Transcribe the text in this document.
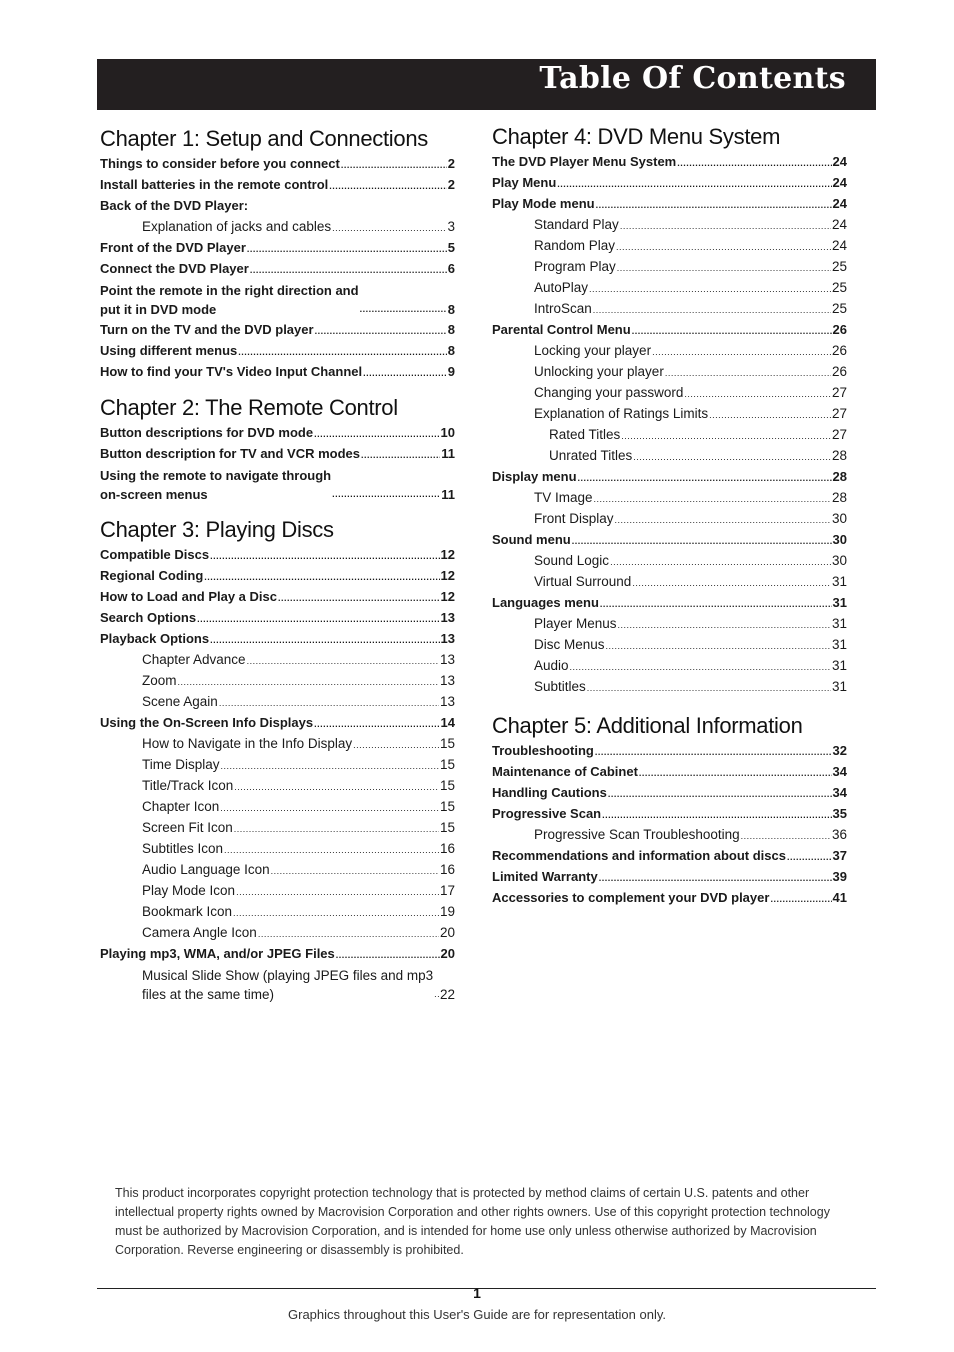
Table Of Contents
Chapter 1: Setup and Connections
Things to consider before you connect .....	2
Install batteries in the remote control .....	2
Back of the DVD Player:
Explanation of jacks and cables .....	3
Front of the DVD Player .....	5
Connect the DVD Player .....	6
Point the remote in the right direction and
put it in DVD mode .....	8
Turn on the TV and the DVD player .....	8
Using different menus .....	8
How to find your TV's Video Input Channel .....	9
Chapter 2: The Remote Control
Button descriptions for DVD mode .....	10
Button description for TV and VCR modes .....	11
Using the remote to navigate through
on-screen menus .....	11
Chapter 3: Playing Discs
Compatible Discs .....	12
Regional Coding .....	12
How to Load and Play a Disc .....	12
Search Options .....	13
Playback Options .....	13
Chapter Advance .....	13
Zoom .....	13
Scene Again .....	13
Using the On-Screen Info Displays .....	14
How to Navigate in the Info Display .....	15
Time Display .....	15
Title/Track Icon .....	15
Chapter Icon .....	15
Screen Fit Icon .....	15
Subtitles Icon .....	16
Audio Language Icon .....	16
Play Mode Icon .....	17
Bookmark Icon .....	19
Camera Angle Icon .....	20
Playing mp3, WMA, and/or JPEG Files .....	20
Musical Slide Show (playing JPEG files and mp3
files at the same time) .....	22
Chapter 4: DVD Menu System
The DVD Player Menu System .....	24
Play Menu .....	24
Play Mode menu .....	24
Standard Play .....	24
Random Play .....	24
Program Play .....	25
AutoPlay .....	25
IntroScan .....	25
Parental Control Menu .....	26
Locking your player .....	26
Unlocking your player .....	26
Changing your password .....	27
Explanation of Ratings Limits .....	27
Rated Titles .....	27
Unrated Titles .....	28
Display menu .....	28
TV Image .....	28
Front Display .....	30
Sound menu .....	30
Sound Logic .....	30
Virtual Surround .....	31
Languages menu .....	31
Player Menus .....	31
Disc Menus .....	31
Audio .....	31
Subtitles .....	31
Chapter 5: Additional Information
Troubleshooting .....	32
Maintenance of Cabinet .....	34
Handling Cautions .....	34
Progressive Scan .....	35
Progressive Scan Troubleshooting .....	36
Recommendations and information about discs .....	37
Limited Warranty .....	39
Accessories to complement your DVD player .....	41
This product incorporates copyright protection technology that is protected by method claims of certain U.S. patents and other intellectual property rights owned by Macrovision Corporation and other rights owners. Use of this copyright protection technology must be authorized by Macrovision Corporation, and is intended for home use only unless otherwise authorized by Macrovision Corporation. Reverse engineering or disassembly is prohibited.
1
Graphics throughout this User's Guide are for representation only.
